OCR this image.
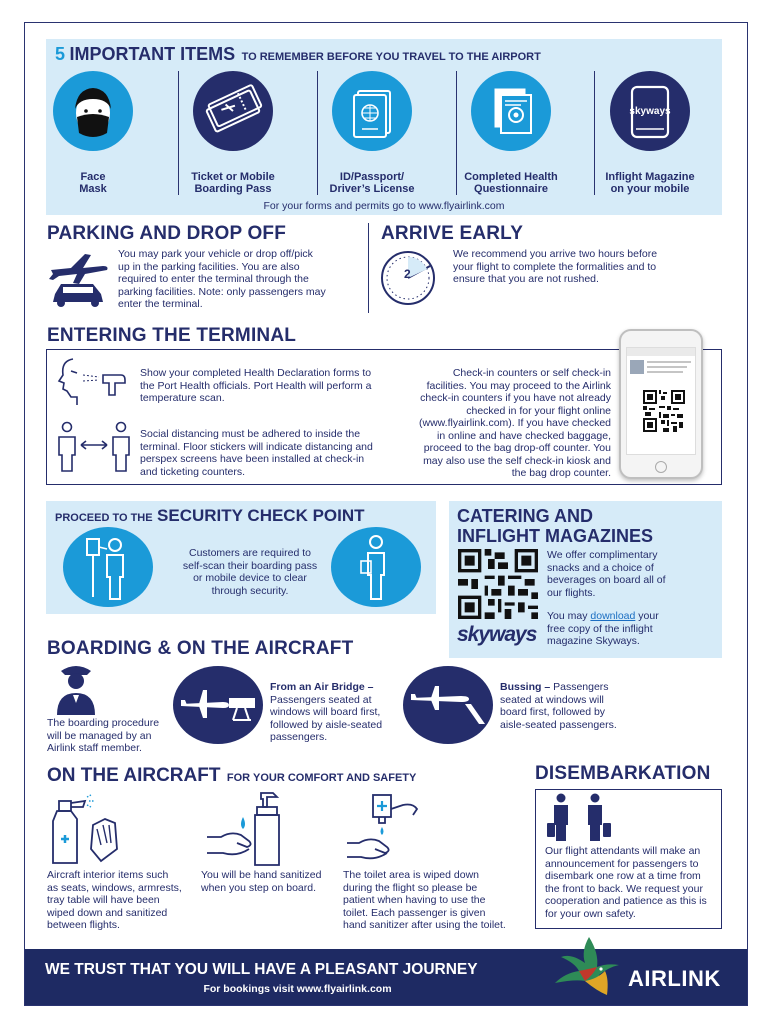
5 IMPORTANT ITEMS TO REMEMBER BEFORE YOU TRAVEL TO THE AIRPORT
skyways
Face
Mask
Ticket or Mobile
Boarding Pass
ID/Passport/
Driver’s License
Completed Health
Questionnaire
Inflight Magazine
on your mobile
For your forms and permits go to www.flyairlink.com
PARKING AND DROP OFF
You may park your vehicle or drop off/pick
up in the parking facilities. You are also
required to enter the terminal through the
parking facilities. Note: only passengers may
enter the terminal.
ARRIVE EARLY
2
We recommend you arrive two hours before
your flight to complete the formalities and to
ensure that you are not rushed.
ENTERING THE TERMINAL
Show your completed Health Declaration forms to
the Port Health officials. Port Health will perform a
temperature scan.
Social distancing must be adhered to inside the
terminal. Floor stickers will indicate distancing and
perspex screens have been installed at check-in
and ticketing counters.
Check-in counters or self check-in
facilities. You may proceed to the Airlink
check-in counters if you have not already
checked in for your flight online
(www.flyairlink.com). If you have checked
in online and have checked baggage,
proceed to the bag drop-off counter. You
may also use the self check-in kiosk and
the bag drop counter.
PROCEED TO THE SECURITY CHECK POINT
Customers are required to
self-scan their boarding pass
or mobile device to clear
through security.
CATERING AND
INFLIGHT MAGAZINES
skyways
We offer complimentary
snacks and a choice of
beverages on board all of
our flights.
You may download your
free copy of the inflight
magazine Skyways.
BOARDING & ON THE AIRCRAFT
The boarding procedure
will be managed by an
Airlink staff member.
From an Air Bridge –
Passengers seated at
windows will board first,
followed by aisle-seated
passengers.
Bussing – Passengers
seated at windows will
board first, followed by
aisle-seated passengers.
ON THE AIRCRAFT FOR YOUR COMFORT AND SAFETY
Aircraft interior items such
as seats, windows, armrests,
tray table will have been
wiped down and sanitized
between flights.
You will be hand sanitized
when you step on board.
The toilet area is wiped down
during the flight so please be
patient when having to use the
toilet. Each passenger is given
hand sanitizer after using the toilet.
DISEMBARKATION
Our flight attendants will make an
announcement for passengers to
disembark one row at a time from
the front to back. We request your
cooperation and patience as this is
for your own safety.
WE TRUST THAT YOU WILL HAVE A PLEASANT JOURNEY
For bookings visit www.flyairlink.com	AIRLINK
